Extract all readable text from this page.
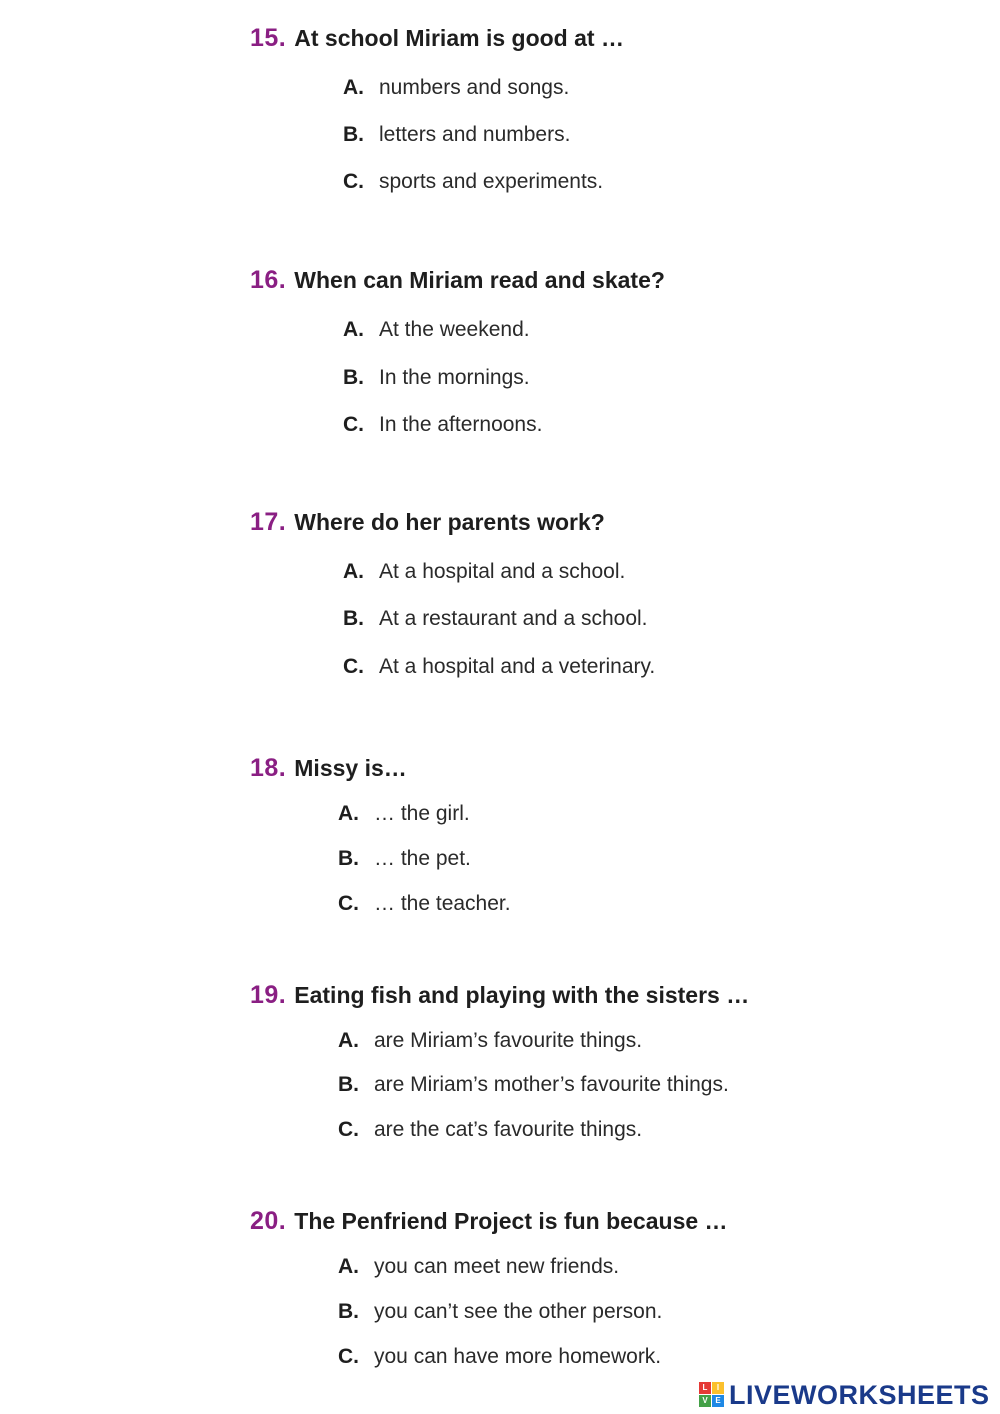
15. At school Miriam is good at …
A. numbers and songs.
B. letters and numbers.
C. sports and experiments.
16. When can Miriam read and skate?
A. At the weekend.
B. In the mornings.
C. In the afternoons.
17. Where do her parents work?
A. At a hospital and a school.
B. At a restaurant and a school.
C. At a hospital and a veterinary.
18. Missy is…
A. … the girl.
B. … the pet.
C. … the teacher.
19. Eating fish and playing with the sisters …
A. are Miriam’s favourite things.
B. are Miriam’s mother’s favourite things.
C. are the cat’s favourite things.
20. The Penfriend Project is fun because …
A. you can meet new friends.
B. you can’t see the other person.
C. you can have more homework.
L	I
V E LIVEWORKSHEETS
